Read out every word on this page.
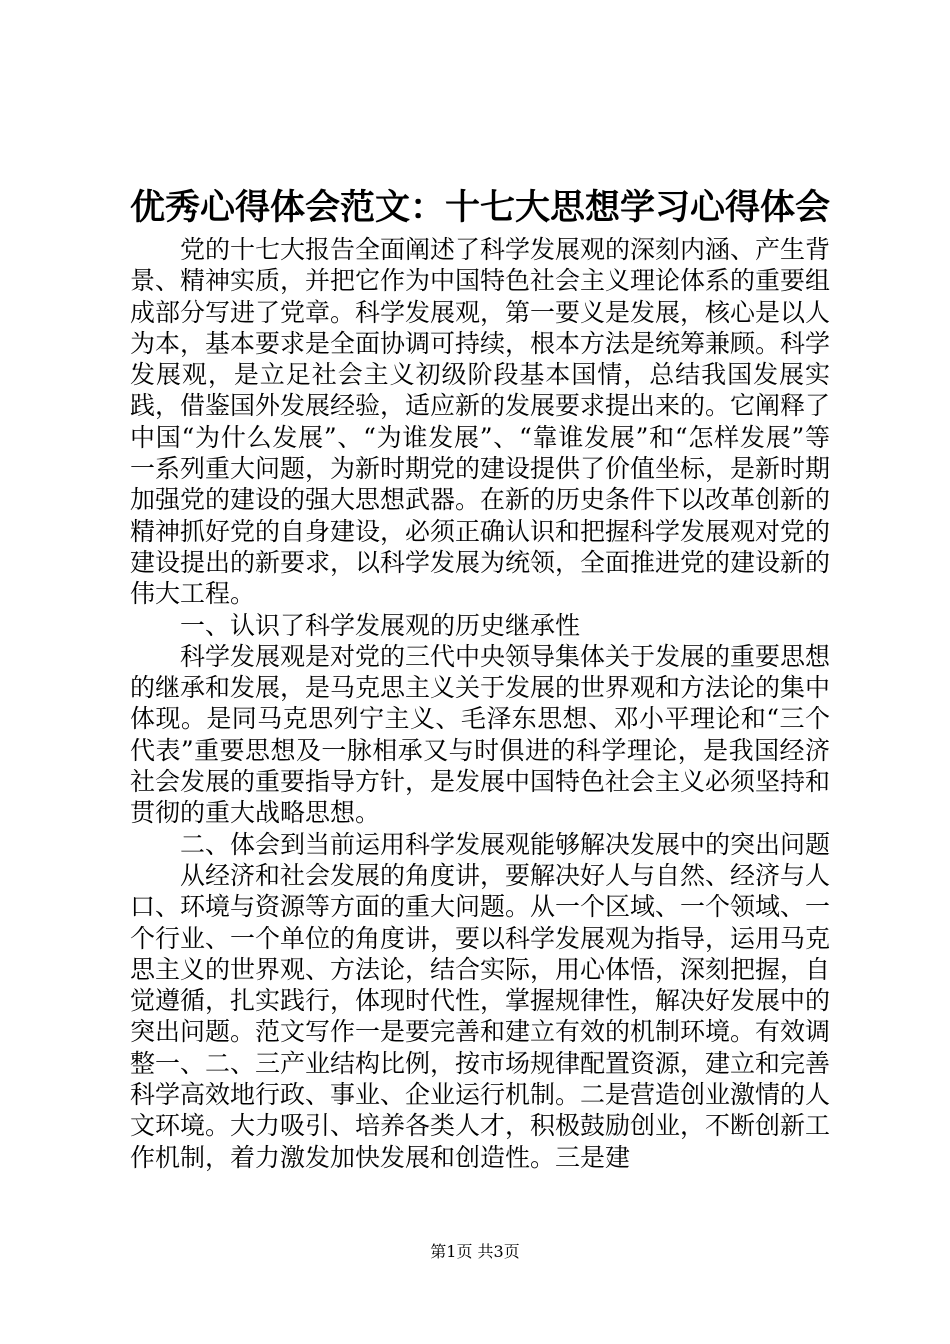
优秀心得体会范文：十七大思想学习心得体会

党的十七大报告全面阐述了科学发展观的深刻内涵、产生背景、精神实质，并把它作为中国特色社会主义理论体系的重要组成部分写进了党章。科学发展观，第一要义是发展，核心是以人为本，基本要求是全面协调可持续，根本方法是统筹兼顾。科学发展观，是立足社会主义初级阶段基本国情，总结我国发展实践，借鉴国外发展经验，适应新的发展要求提出来的。它阐释了中国“为什么发展”、“为谁发展”、“靠谁发展”和“怎样发展”等一系列重大问题，为新时期党的建设提供了价值坐标，是新时期加强党的建设的强大思想武器。在新的历史条件下以改革创新的精神抓好党的自身建设，必须正确认识和把握科学发展观对党的建设提出的新要求，以科学发展为统领，全面推进党的建设新的伟大工程。

一、认识了科学发展观的历史继承性

科学发展观是对党的三代中央领导集体关于发展的重要思想的继承和发展，是马克思主义关于发展的世界观和方法论的集中体现。是同马克思列宁主义、毛泽东思想、邓小平理论和“三个代表”重要思想及一脉相承又与时俱进的科学理论，是我国经济社会发展的重要指导方针，是发展中国特色社会主义必须坚持和贯彻的重大战略思想。

二、体会到当前运用科学发展观能够解决发展中的突出问题

从经济和社会发展的角度讲，要解决好人与自然、经济与人口、环境与资源等方面的重大问题。从一个区域、一个领域、一个行业、一个单位的角度讲，要以科学发展观为指导，运用马克思主义的世界观、方法论，结合实际，用心体悟，深刻把握，自觉遵循，扎实践行，体现时代性，掌握规律性，解决好发展中的突出问题。范文写作一是要完善和建立有效的机制环境。有效调整一、二、三产业结构比例，按市场规律配置资源，建立和完善科学高效地行政、事业、企业运行机制。二是营造创业激情的人文环境。大力吸引、培养各类人才，积极鼓励创业，不断创新工作机制，着力激发加快发展和创造性。三是建

第1页 共3页
